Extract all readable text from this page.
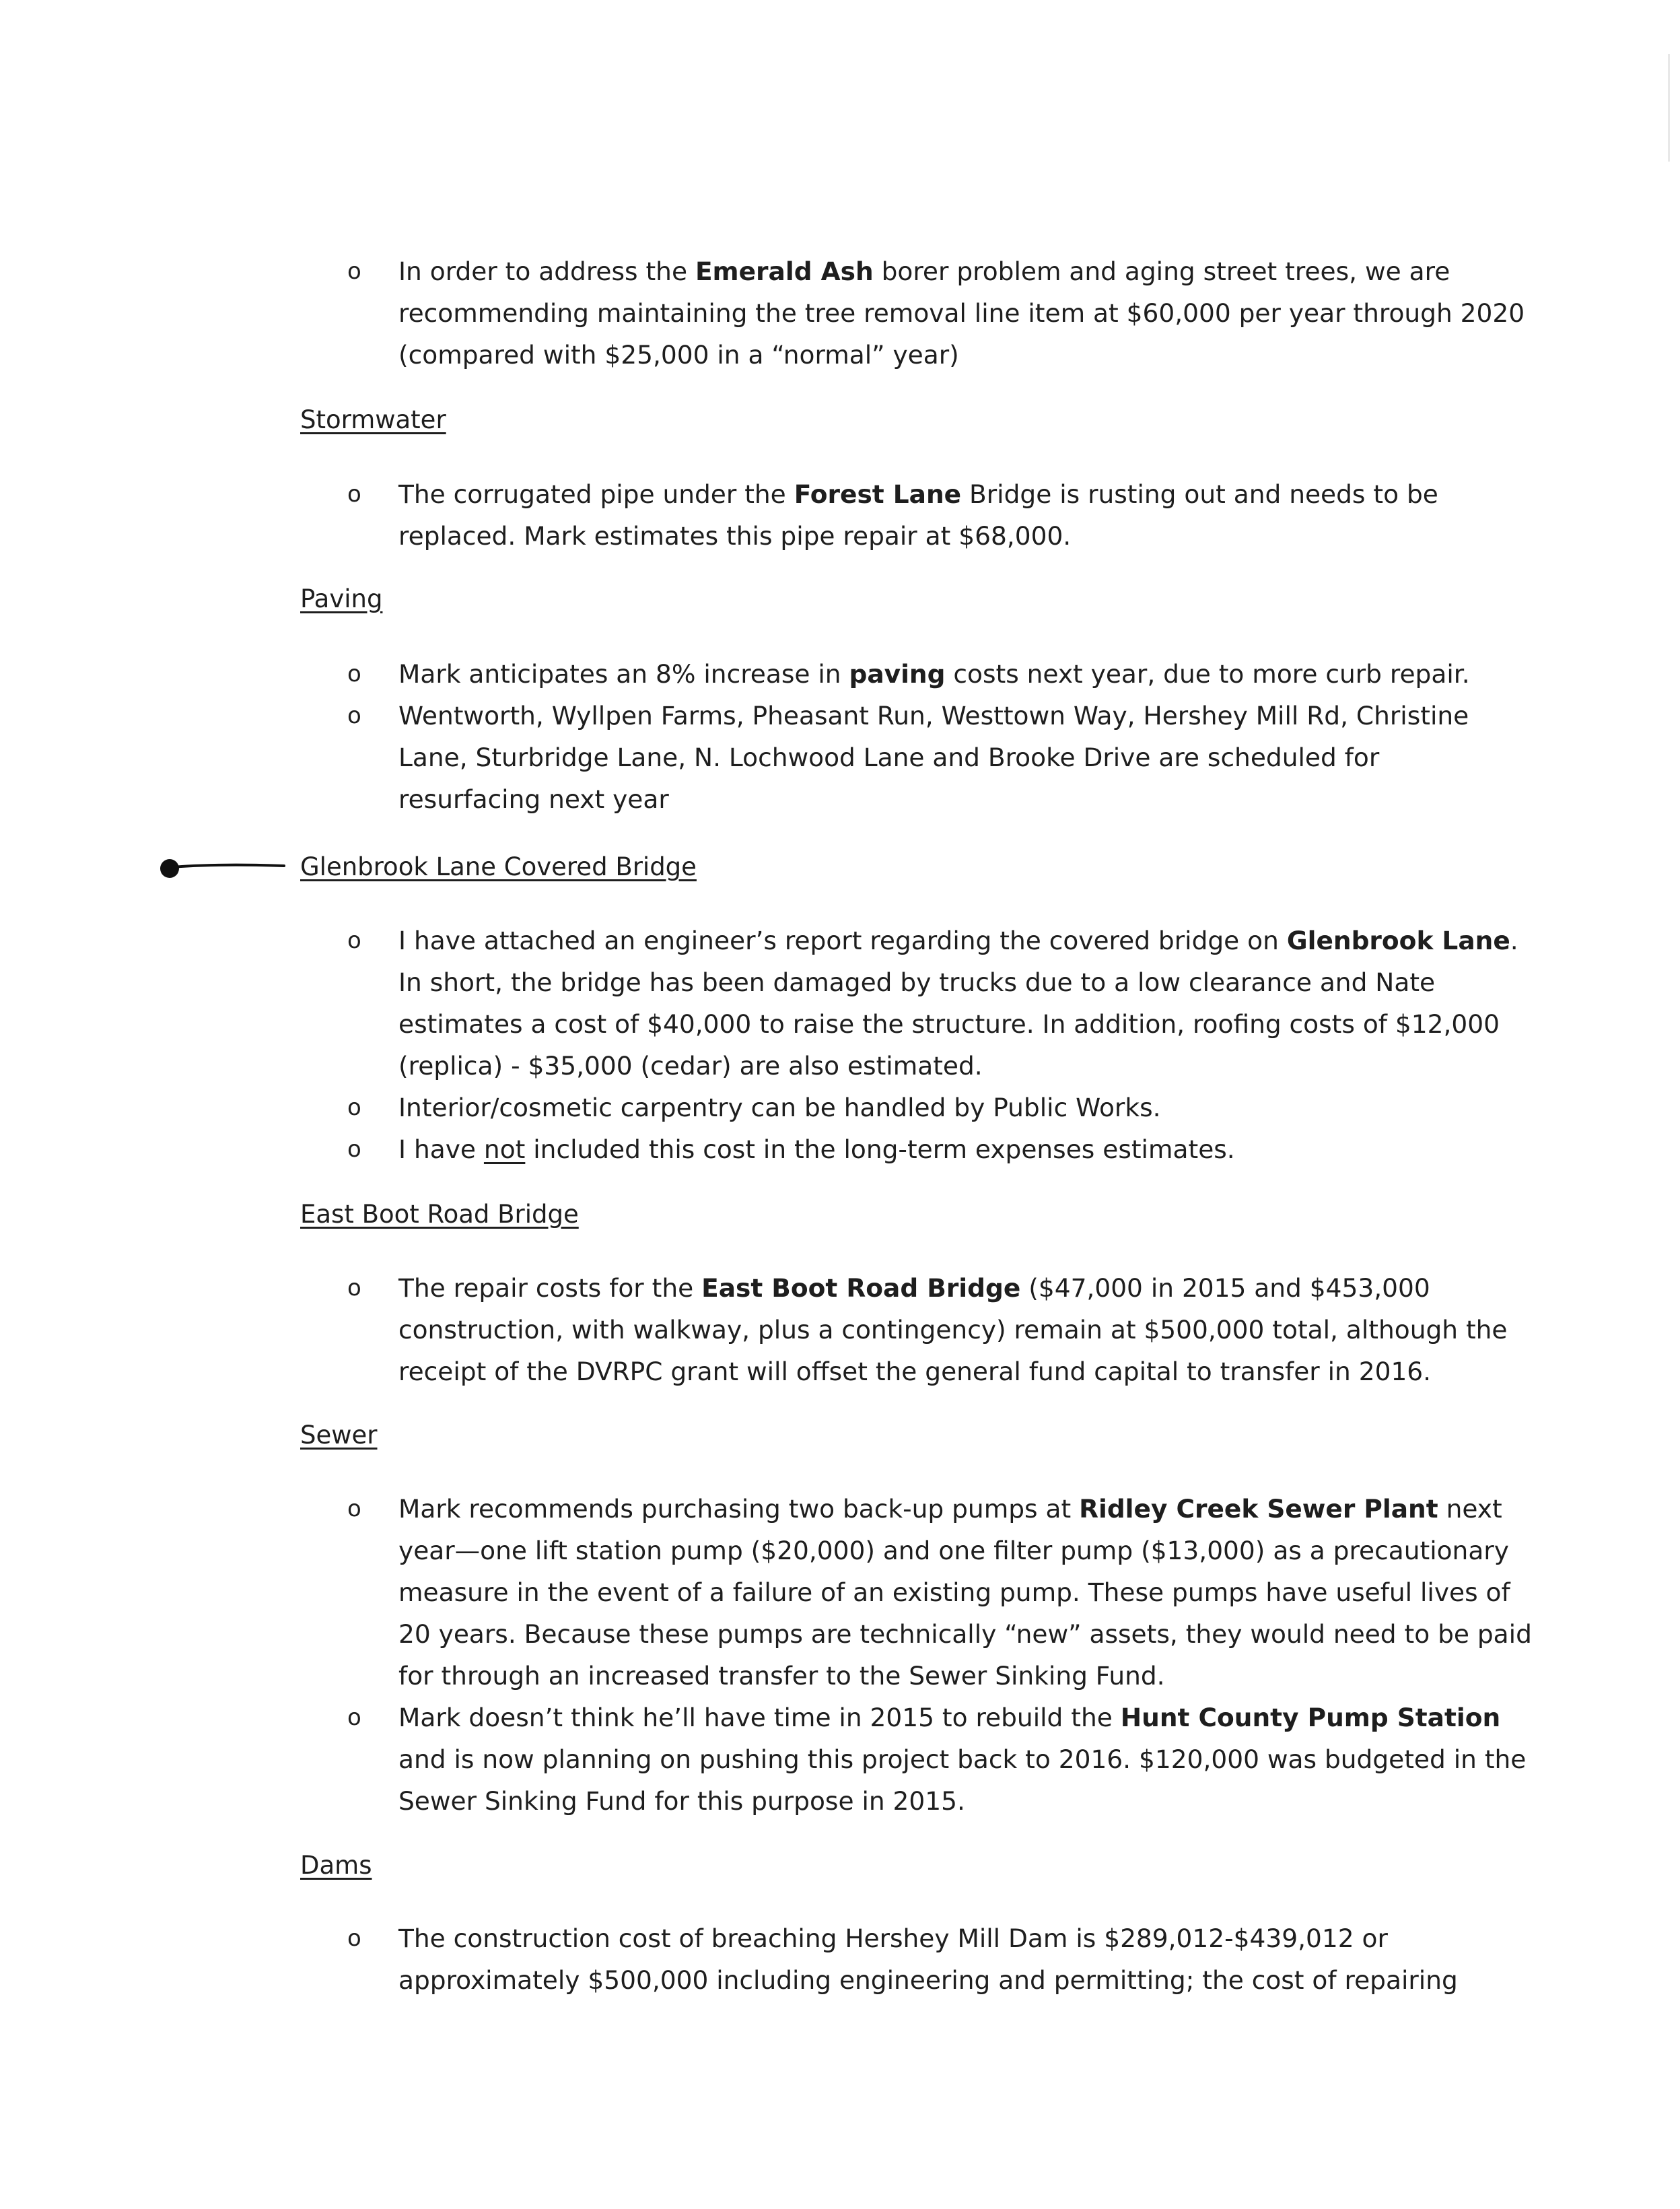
o In order to address the Emerald Ash borer problem and aging street trees, we are
recommending maintaining the tree removal line item at $60,000 per year through 2020
(compared with $25,000 in a “normal” year)
Stormwater
o The corrugated pipe under the Forest Lane Bridge is rusting out and needs to be
replaced. Mark estimates this pipe repair at $68,000.
Paving
o Mark anticipates an 8% increase in paving costs next year, due to more curb repair.
o Wentworth, Wyllpen Farms, Pheasant Run, Westtown Way, Hershey Mill Rd, Christine
Lane, Sturbridge Lane, N. Lochwood Lane and Brooke Drive are scheduled for
resurfacing next year
Glenbrook Lane Covered Bridge
o I have attached an engineer’s report regarding the covered bridge on Glenbrook Lane.
In short, the bridge has been damaged by trucks due to a low clearance and Nate
estimates a cost of $40,000 to raise the structure. In addition, roofing costs of $12,000
(replica) - $35,000 (cedar) are also estimated.
o Interior/cosmetic carpentry can be handled by Public Works.
o I have not included this cost in the long-term expenses estimates.
East Boot Road Bridge
o The repair costs for the East Boot Road Bridge ($47,000 in 2015 and $453,000
construction, with walkway, plus a contingency) remain at $500,000 total, although the
receipt of the DVRPC grant will offset the general fund capital to transfer in 2016.
Sewer
o Mark recommends purchasing two back-up pumps at Ridley Creek Sewer Plant next
year—one lift station pump ($20,000) and one filter pump ($13,000) as a precautionary
measure in the event of a failure of an existing pump. These pumps have useful lives of
20 years. Because these pumps are technically “new” assets, they would need to be paid
for through an increased transfer to the Sewer Sinking Fund.
o Mark doesn’t think he’ll have time in 2015 to rebuild the Hunt County Pump Station
and is now planning on pushing this project back to 2016. $120,000 was budgeted in the
Sewer Sinking Fund for this purpose in 2015.
Dams
o The construction cost of breaching Hershey Mill Dam is $289,012-$439,012 or
approximately $500,000 including engineering and permitting; the cost of repairing
